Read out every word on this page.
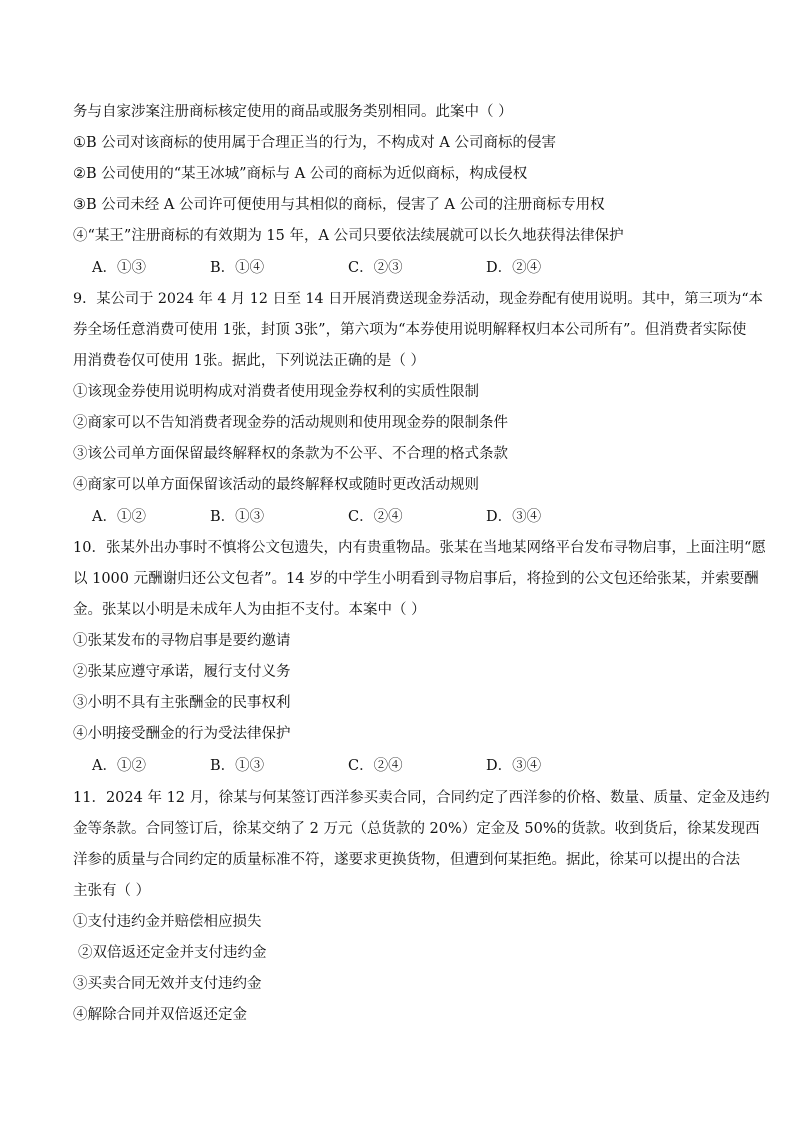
务与自家涉案注册商标核定使用的商品或服务类别相同。此案中（ ）
①B 公司对该商标的使用属于合理正当的行为，不构成对 A 公司商标的侵害
②B 公司使用的“某王冰城”商标与 A 公司的商标为近似商标，构成侵权
③B 公司未经 A 公司许可便使用与其相似的商标，侵害了 A 公司的注册商标专用权
④“某王”注册商标的有效期为 15 年，A 公司只要依法续展就可以长久地获得法律保护
A．①③	B．①④	C．②③	D．②④
9．某公司于 2024 年 4 月 12 日至 14 日开展消费送现金券活动，现金券配有使用说明。其中，第三项为“本
券全场任意消费可使用 1张，封顶 3张”，第六项为“本券使用说明解释权归本公司所有”。但消费者实际使
用消费卷仅可使用 1张。据此，下列说法正确的是（ ）
①该现金券使用说明构成对消费者使用现金券权利的实质性限制
②商家可以不告知消费者现金券的活动规则和使用现金券的限制条件
③该公司单方面保留最终解释权的条款为不公平、不合理的格式条款
④商家可以单方面保留该活动的最终解释权或随时更改活动规则
A．①②	B．①③	C．②④	D．③④
10．张某外出办事时不慎将公文包遗失，内有贵重物品。张某在当地某网络平台发布寻物启事，上面注明“愿
以 1000 元酬谢归还公文包者”。14 岁的中学生小明看到寻物启事后，将捡到的公文包还给张某，并索要酬
金。张某以小明是未成年人为由拒不支付。本案中（ ）
①张某发布的寻物启事是要约邀请
②张某应遵守承诺，履行支付义务
③小明不具有主张酬金的民事权利
④小明接受酬金的行为受法律保护
A．①②	B．①③	C．②④	D．③④
11．2024 年 12 月，徐某与何某签订西洋参买卖合同，合同约定了西洋参的价格、数量、质量、定金及违约
金等条款。合同签订后，徐某交纳了 2 万元（总货款的 20%）定金及 50%的货款。收到货后，徐某发现西
洋参的质量与合同约定的质量标准不符，遂要求更换货物，但遭到何某拒绝。据此，徐某可以提出的合法
主张有（ ）
①支付违约金并赔偿相应损失
②双倍返还定金并支付违约金
③买卖合同无效并支付违约金
④解除合同并双倍返还定金
